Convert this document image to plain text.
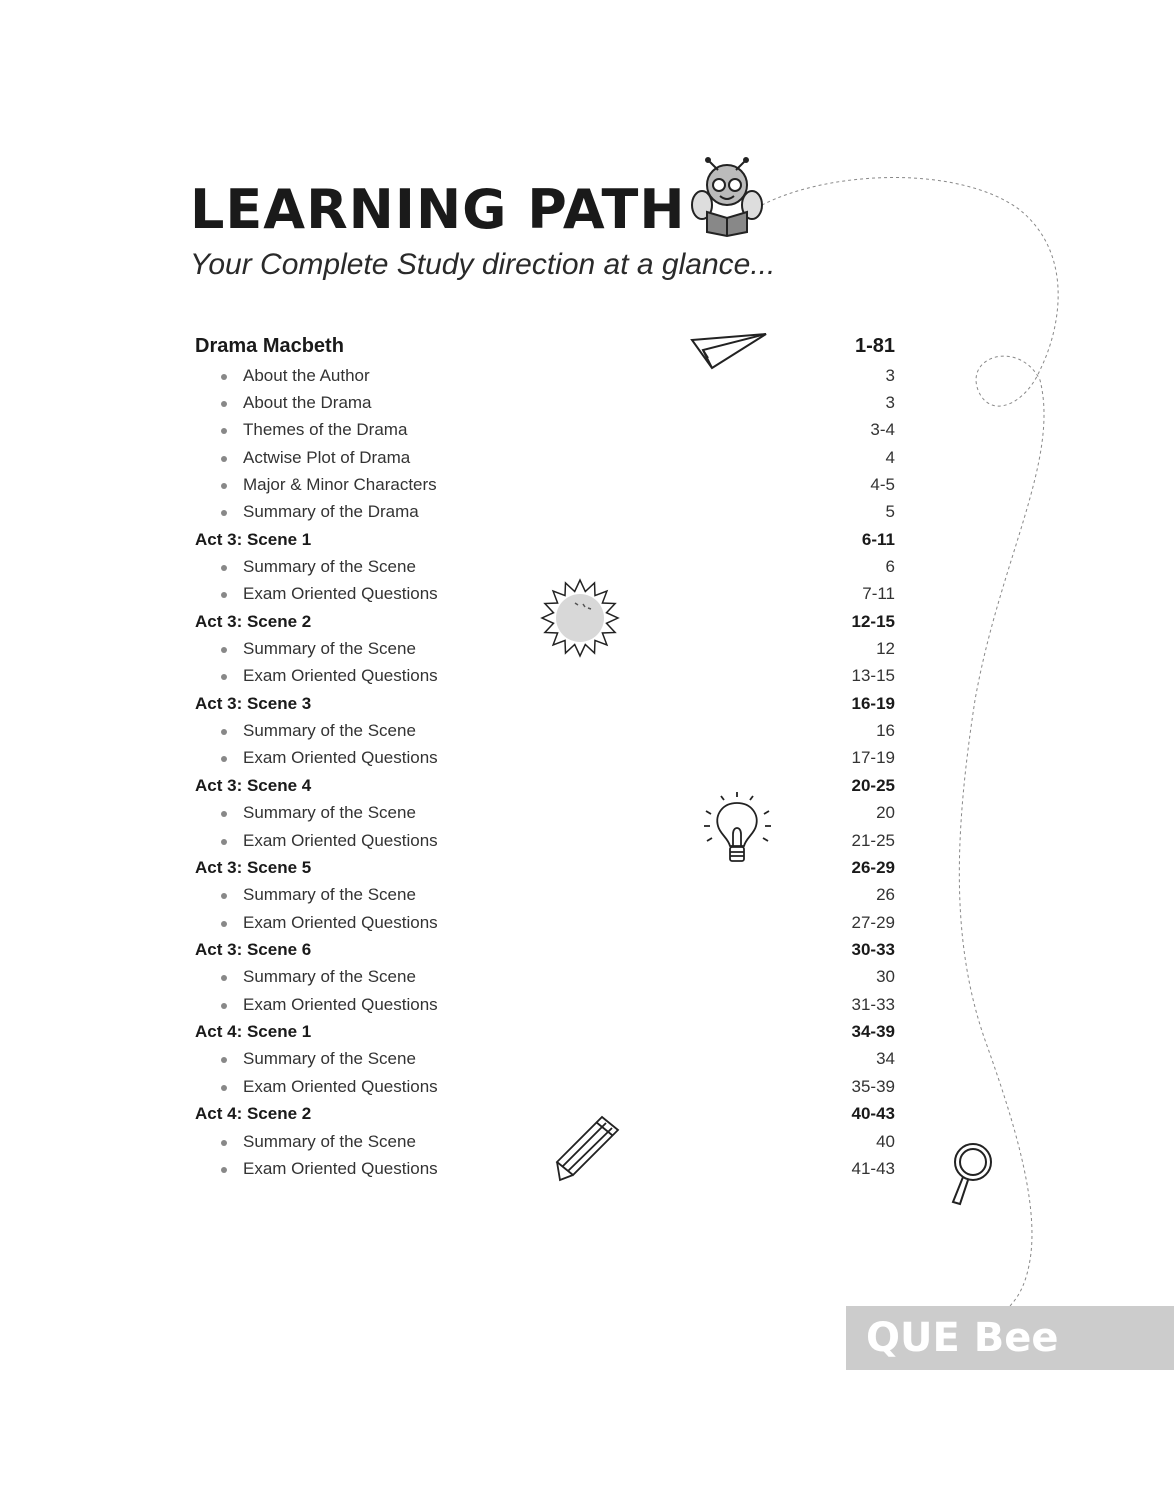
LEARNING PATH

Your Complete Study direction at a glance...

Drama Macbeth	1-81
About the Author	3
About the Drama	3
Themes of the Drama	3-4
Actwise Plot of Drama	4
Major & Minor Characters	4-5
Summary of the Drama	5
Act 3: Scene 1	6-11
Summary of the Scene	6
Exam Oriented Questions	7-11
Act 3: Scene 2	12-15
Summary of the Scene	12
Exam Oriented Questions	13-15
Act 3: Scene 3	16-19
Summary of the Scene	16
Exam Oriented Questions	17-19
Act 3: Scene 4	20-25
Summary of the Scene	20
Exam Oriented Questions	21-25
Act 3: Scene 5	26-29
Summary of the Scene	26
Exam Oriented Questions	27-29
Act 3: Scene 6	30-33
Summary of the Scene	30
Exam Oriented Questions	31-33
Act 4: Scene 1	34-39
Summary of the Scene	34
Exam Oriented Questions	35-39
Act 4: Scene 2	40-43
Summary of the Scene	40
Exam Oriented Questions	41-43
QUE Bee
